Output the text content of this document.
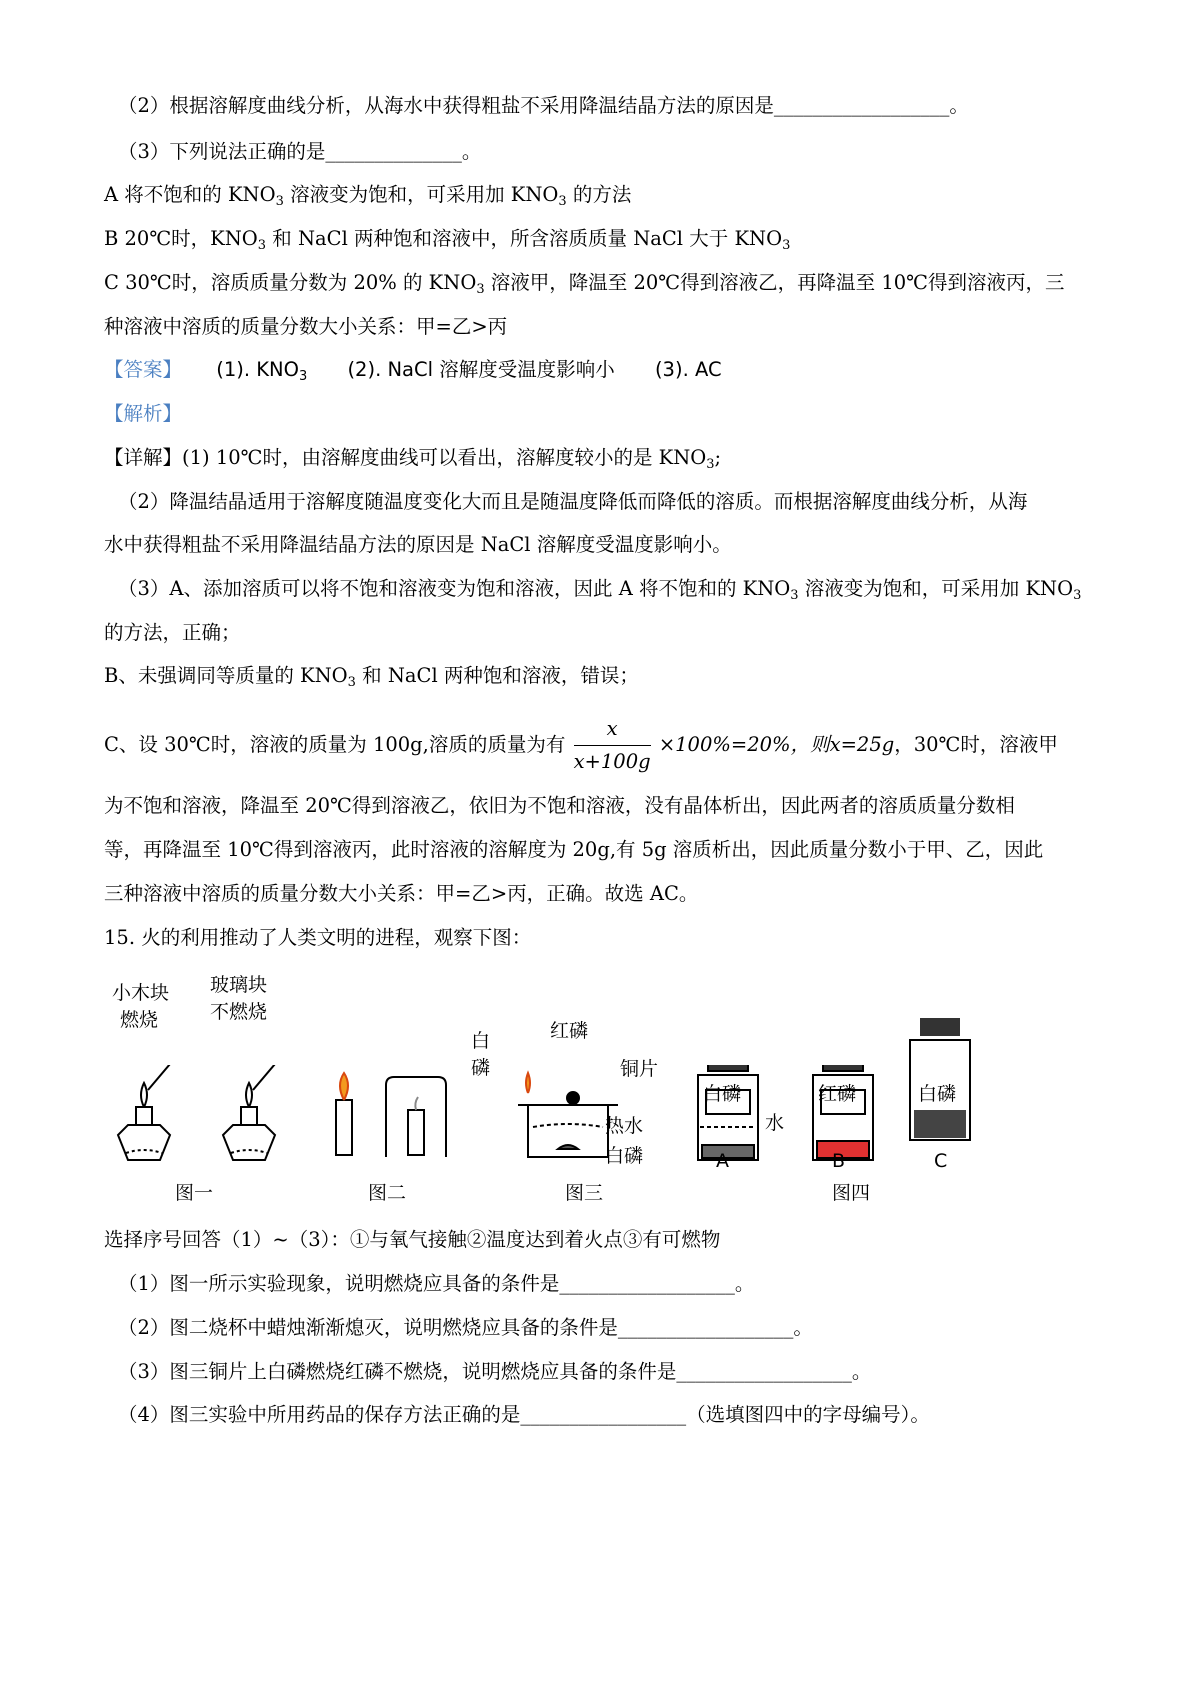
（2）根据溶解度曲线分析，从海水中获得粗盐不采用降温结晶方法的原因是__________________。
（3）下列说法正确的是______________。
A 将不饱和的 $KNO_3$ 溶液变为饱和，可采用加 $KNO_3$ 的方法
B 20℃时，$KNO_3$ 和 NaCl 两种饱和溶液中，所含溶质质量 NaCl 大于 $KNO_3$
C 30℃时，溶质质量分数为 20% 的 $KNO_3$ 溶液甲，降温至 20℃得到溶液乙，再降温至 10℃得到溶液丙，三
种溶液中溶质的质量分数大小关系：甲=乙>丙
【答案】 (1). $KNO_3$ (2). NaCl 溶解度受温度影响小 (3). AC
【解析】
【详解】(1) 10℃时，由溶解度曲线可以看出，溶解度较小的是 $KNO_3$;
（2）降温结晶适用于溶解度随温度变化大而且是随温度降低而降低的溶质。而根据溶解度曲线分析，从海
水中获得粗盐不采用降温结晶方法的原因是 NaCl 溶解度受温度影响小。
（3）A、添加溶质可以将不饱和溶液变为饱和溶液，因此 A 将不饱和的 $KNO_3$ 溶液变为饱和，可采用加 $KNO_3$
的方法，正确；
B、未强调同等质量的 $KNO_3$ 和 NaCl 两种饱和溶液，错误；
C、设 30℃时，溶液的质量为 100g,溶质的质量为有 $\frac{x}{x+100g} \times 100\%=20\%$，则x=25g，30℃时，溶液甲
为不饱和溶液，降温至 20℃得到溶液乙，依旧为不饱和溶液，没有晶体析出，因此两者的溶质质量分数相
等，再降温至 10℃得到溶液丙，此时溶液的溶解度为 20g,有 5g 溶质析出，因此质量分数小于甲、乙，因此
三种溶液中溶质的质量分数大小关系：甲=乙>丙，正确。故选 AC。
15. 火的利用推动了人类文明的进程，观察下图：
小木块
燃烧
玻璃块
不燃烧
白
磷
红磷
铜片
热水
白磷
白磷	红磷
水
白磷
A	B	C
图一	图二	图三	图四
选择序号回答（1）~（3）：①与氧气接触②温度达到着火点③有可燃物
（1）图一所示实验现象，说明燃烧应具备的条件是__________________。
（2）图二烧杯中蜡烛渐渐熄灭，说明燃烧应具备的条件是__________________。
（3）图三铜片上白磷燃烧红磷不燃烧，说明燃烧应具备的条件是__________________。
（4）图三实验中所用药品的保存方法正确的是_________________（选填图四中的字母编号）。
